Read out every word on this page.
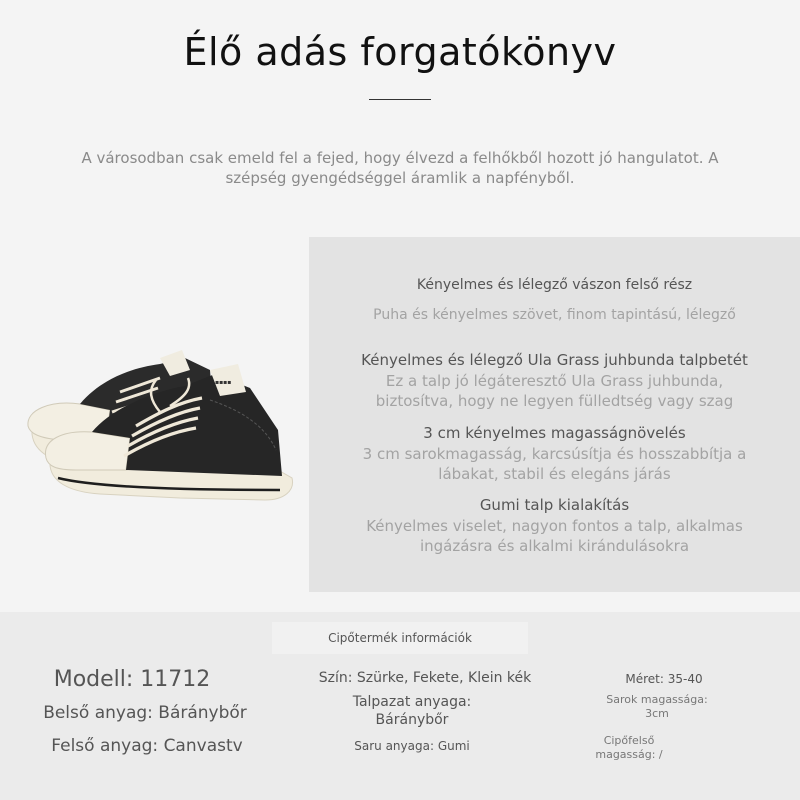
Élő adás forgatókönyv
A városodban csak emeld fel a fejed, hogy élvezd a felhőkből hozott jó hangulatot. A szépség gyengédséggel áramlik a napfényből.
▪▪▪▪
Kényelmes és lélegző vászon felső rész
Puha és kényelmes szövet, finom tapintású, lélegző
Kényelmes és lélegző Ula Grass juhbunda talpbetét
Ez a talp jó légáteresztő Ula Grass juhbunda, biztosítva, hogy ne legyen fülledtség vagy szag
3 cm kényelmes magasságnövelés
3 cm sarokmagasság, karcsúsítja és hosszabbítja a lábakat, stabil és elegáns járás
Gumi talp kialakítás
Kényelmes viselet, nagyon fontos a talp, alkalmas ingázásra és alkalmi kirándulásokra
Cipőtermék információk
Modell: 11712
Belső anyag: Báránybőr
Felső anyag: Canvastv
Szín: Szürke, Fekete, Klein kék
Talpazat anyaga: Báránybőr
Saru anyaga: Gumi
Méret: 35-40
Sarok magassága: 3cm
Cipőfelső magasság: /
